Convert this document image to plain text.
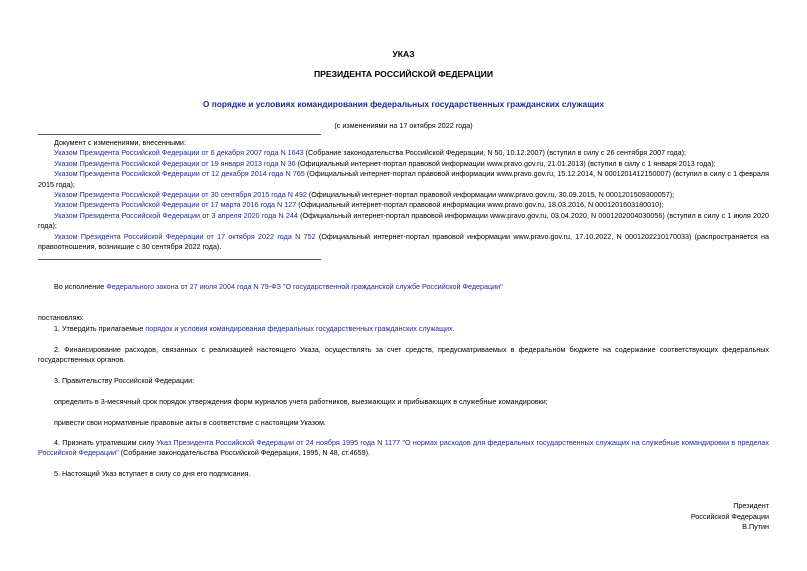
УКАЗ
ПРЕЗИДЕНТА РОССИЙСКОЙ ФЕДЕРАЦИИ
О порядке и условиях командирования федеральных государственных гражданских служащих
(с изменениями на 17 октября 2022 года)

Документ с изменениями, внесенными:

Указом Президента Российской Федерации от 6 декабря 2007 года N 1643 (Собрание законодательства Российской Федерации, N 50, 10.12.2007) (вступил в силу с 26 сентября 2007 года);

Указом Президента Российской Федерации от 19 января 2013 года N 36 (Официальный интернет-портал правовой информации www.pravo.gov.ru, 21.01.2013) (вступил в силу с 1 января 2013 года);

Указом Президента Российской Федерации от 12 декабря 2014 года N 765 (Официальный интернет-портал правовой информации www.pravo.gov.ru, 15.12.2014, N 0001201412150007) (вступил в силу с 1 февраля 2015 года);

Указом Президента Российской Федерации от 30 сентября 2015 года N 492 (Официальный интернет-портал правовой информации www.pravo.gov.ru, 30.09.2015, N 0001201509300057);

Указом Президента Российской Федерации от 17 марта 2016 года N 127 (Официальный интернет-портал правовой информации www.pravo.gov.ru, 18.03.2016, N 0001201603180010);

Указом Президента Российской Федерации от 3 апреля 2020 года N 244 (Официальный интернет-портал правовой информации www.pravo.gov.ru, 03.04.2020, N 0001202004030056) (вступил в силу с 1 июля 2020 года);

Указом Президента Российской Федерации от 17 октября 2022 года N 752 (Официальный интернет-портал правовой информации www.pravo.gov.ru, 17.10.2022, N 0001202210170033) (распространяется на правоотношения, возникшие с 30 сентября 2022 года).

Во исполнение Федерального закона от 27 июля 2004 года N 79-ФЗ "О государственной гражданской службе Российской Федерации"

постановляю:

1. Утвердить прилагаемые порядок и условия командирования федеральных государственных гражданских служащих.

2. Финансирование расходов, связанных с реализацией настоящего Указа, осуществлять за счет средств, предусматриваемых в федеральном бюджете на содержание соответствующих федеральных государственных органов.

3. Правительству Российской Федерации:

определить в 3-месячный срок порядок утверждения форм журналов учета работников, выезжающих и прибывающих в служебные командировки;

привести свои нормативные правовые акты в соответствие с настоящим Указом.

4. Признать утратившим силу Указ Президента Российской Федерации от 24 ноября 1995 года N 1177 "О нормах расходов для федеральных государственных служащих на служебные командировки в пределах Российской Федерации" (Собрание законодательства Российской Федерации, 1995, N 48, ст.4659).

5. Настоящий Указ вступает в силу со дня его подписания.

Президент
Российской Федерации
В.Путин
